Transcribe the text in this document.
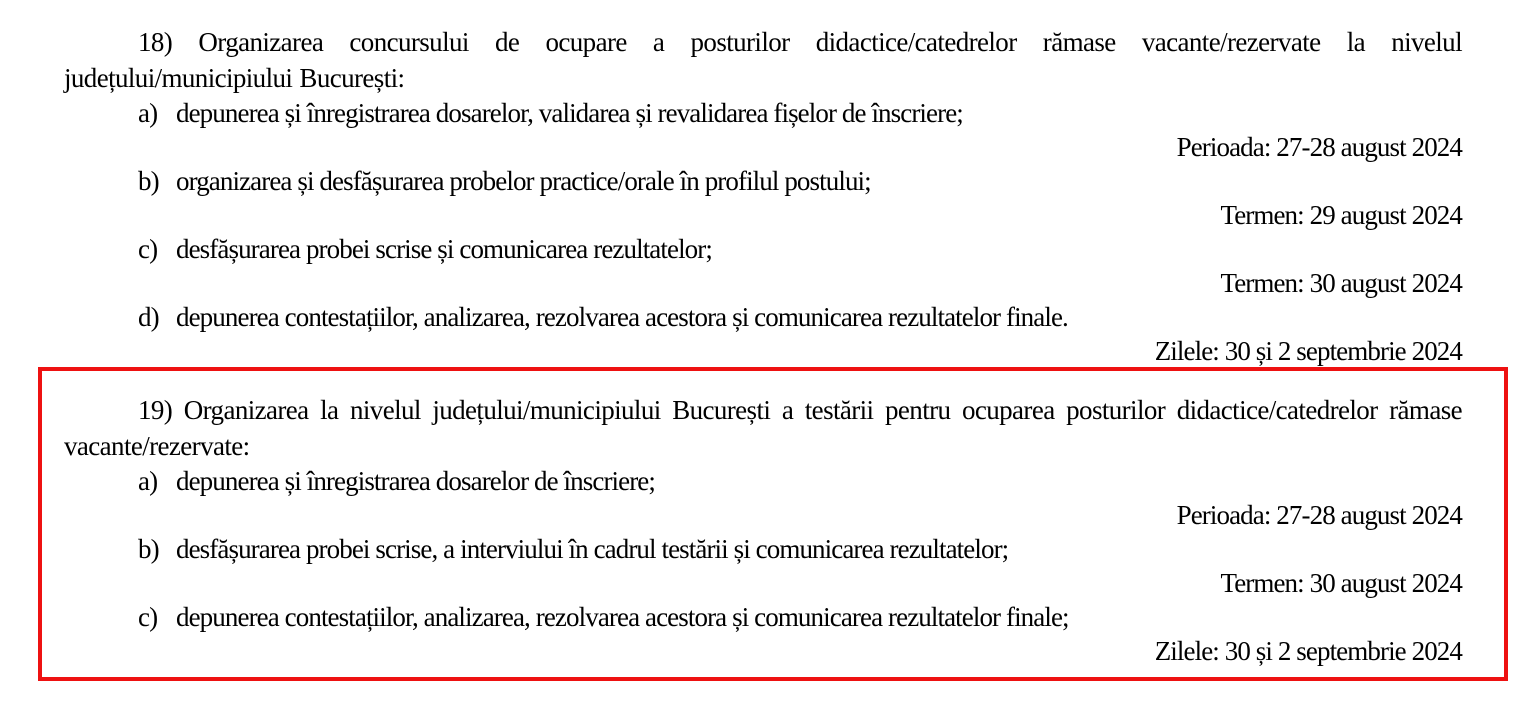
18) Organizarea concursului de ocupare a posturilor didactice/catedrelor rămase vacante/rezervate la nivelul județului/municipiului București:

a) depunerea și înregistrarea dosarelor, validarea și revalidarea fișelor de înscriere;
Perioada: 27-28 august 2024
b) organizarea și desfășurarea probelor practice/orale în profilul postului;
Termen: 29 august 2024
c) desfășurarea probei scrise și comunicarea rezultatelor;
Termen: 30 august 2024
d) depunerea contestațiilor, analizarea, rezolvarea acestora și comunicarea rezultatelor finale.
Zilele: 30 și 2 septembrie 2024

19) Organizarea la nivelul județului/municipiului București a testării pentru ocuparea posturilor didactice/catedrelor rămase vacante/rezervate:

a) depunerea și înregistrarea dosarelor de înscriere;
Perioada: 27-28 august 2024
b) desfășurarea probei scrise, a interviului în cadrul testării și comunicarea rezultatelor;
Termen: 30 august 2024
c) depunerea contestațiilor, analizarea, rezolvarea acestora și comunicarea rezultatelor finale;
Zilele: 30 și 2 septembrie 2024
